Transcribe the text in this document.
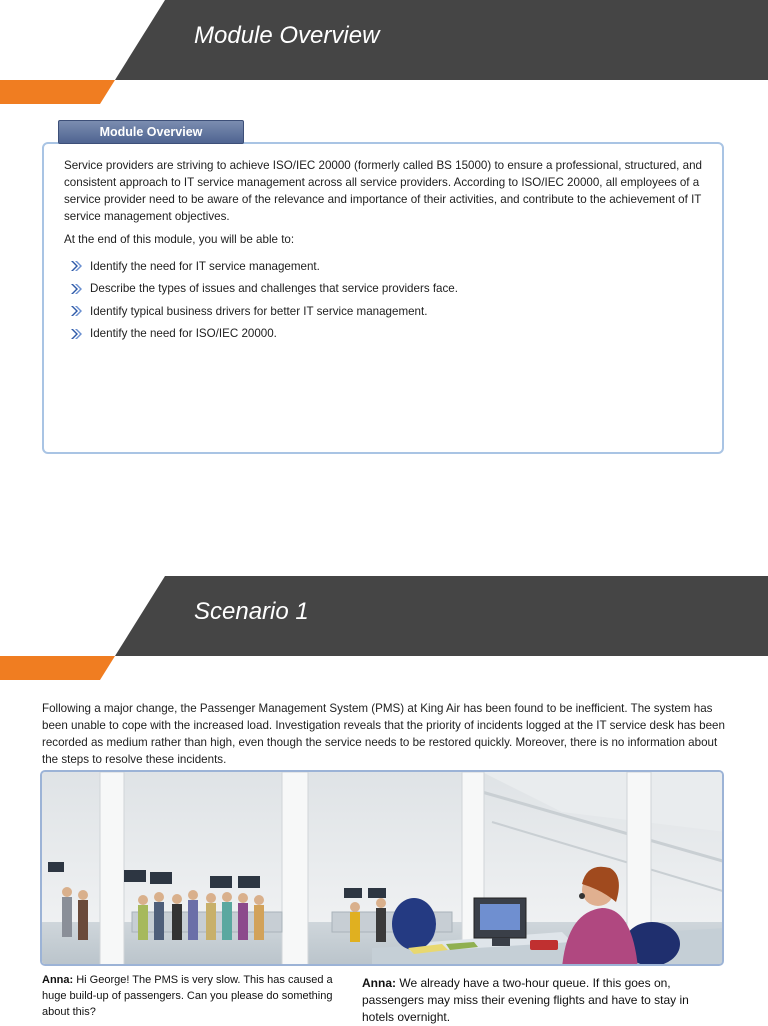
Module Overview
Module Overview

Service providers are striving to achieve ISO/IEC 20000 (formerly called BS 15000) to ensure a professional, structured, and consistent approach to IT service management across all service providers. According to ISO/IEC 20000, all employees of a service provider need to be aware of the relevance and importance of their activities, and contribute to the achievement of IT service management objectives.

At the end of this module, you will be able to:

Identify the need for IT service management.
Describe the types of issues and challenges that service providers face.
Identify typical business drivers for better IT service management.
Identify the need for ISO/IEC 20000.
Scenario 1
Following a major change, the Passenger Management System (PMS) at King Air has been found to be inefficient. The system has been unable to cope with the increased load. Investigation reveals that the priority of incidents logged at the IT service desk has been recorded as medium rather than high, even though the service needs to be restored quickly. Moreover, there is no information about the steps to resolve these incidents.
Anna: Hi George! The PMS is very slow. This has caused a huge build-up of passengers. Can you please do something about this?
Anna: We already have a two-hour queue. If this goes on, passengers may miss their evening flights and have to stay in hotels overnight.
